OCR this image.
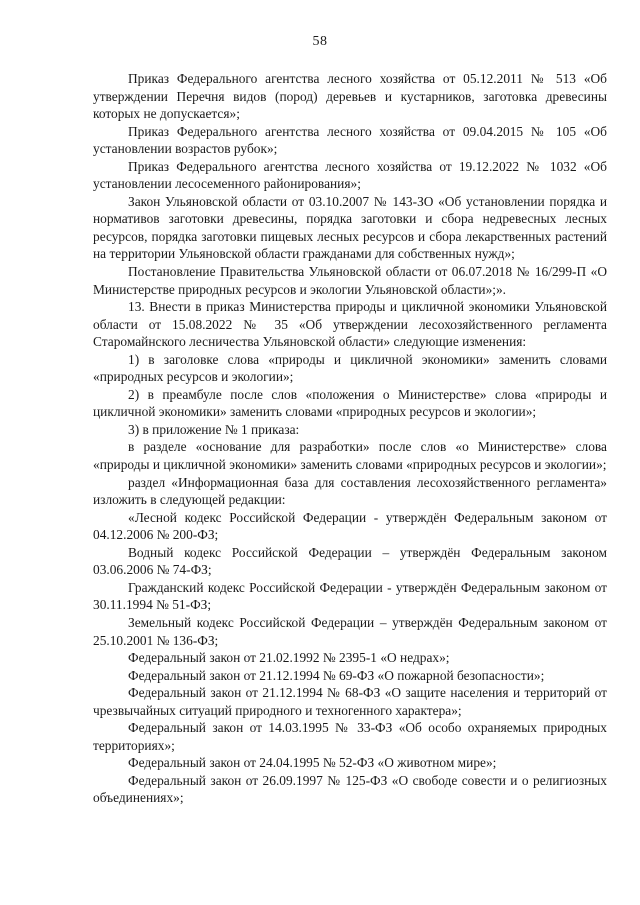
58

Приказ Федерального агентства лесного хозяйства от 05.12.2011 № 513 «Об утверждении Перечня видов (пород) деревьев и кустарников, заготовка древесины которых не допускается»;

Приказ Федерального агентства лесного хозяйства от 09.04.2015 № 105 «Об установлении возрастов рубок»;

Приказ Федерального агентства лесного хозяйства от 19.12.2022 № 1032 «Об установлении лесосеменного районирования»;

Закон Ульяновской области от 03.10.2007 № 143-ЗО «Об установлении порядка и нормативов заготовки древесины, порядка заготовки и сбора недревесных лесных ресурсов, порядка заготовки пищевых лесных ресурсов и сбора лекарственных растений на территории Ульяновской области гражданами для собственных нужд»;

Постановление Правительства Ульяновской области от 06.07.2018 № 16/299-П «О Министерстве природных ресурсов и экологии Ульяновской области»;».

13. Внести в приказ Министерства природы и цикличной экономики Ульяновской области от 15.08.2022 № 35 «Об утверждении лесохозяйственного регламента Старомайнского лесничества Ульяновской области» следующие изменения:

1) в заголовке слова «природы и цикличной экономики» заменить словами «природных ресурсов и экологии»;

2) в преамбуле после слов «положения о Министерстве» слова «природы и цикличной экономики» заменить словами «природных ресурсов и экологии»;

3) в приложение № 1 приказа:

в разделе «основание для разработки» после слов «о Министерстве» слова «природы и цикличной экономики» заменить словами «природных ресурсов и экологии»;

раздел «Информационная база для составления лесохозяйственного регламента» изложить в следующей редакции:

«Лесной кодекс Российской Федерации - утверждён Федеральным законом от 04.12.2006 № 200-ФЗ;

Водный кодекс Российской Федерации – утверждён Федеральным законом 03.06.2006 № 74-ФЗ;

Гражданский кодекс Российской Федерации - утверждён Федеральным законом от 30.11.1994 № 51-ФЗ;

Земельный кодекс Российской Федерации – утверждён Федеральным законом от 25.10.2001 № 136-ФЗ;

Федеральный закон от 21.02.1992 № 2395-1 «О недрах»;

Федеральный закон от 21.12.1994 № 69-ФЗ «О пожарной безопасности»;

Федеральный закон от 21.12.1994 № 68-ФЗ «О защите населения и территорий от чрезвычайных ситуаций природного и техногенного характера»;

Федеральный закон от 14.03.1995 № 33-ФЗ «Об особо охраняемых природных территориях»;

Федеральный закон от 24.04.1995 № 52-ФЗ «О животном мире»;

Федеральный закон от 26.09.1997 № 125-ФЗ «О свободе совести и о религиозных объединениях»;
